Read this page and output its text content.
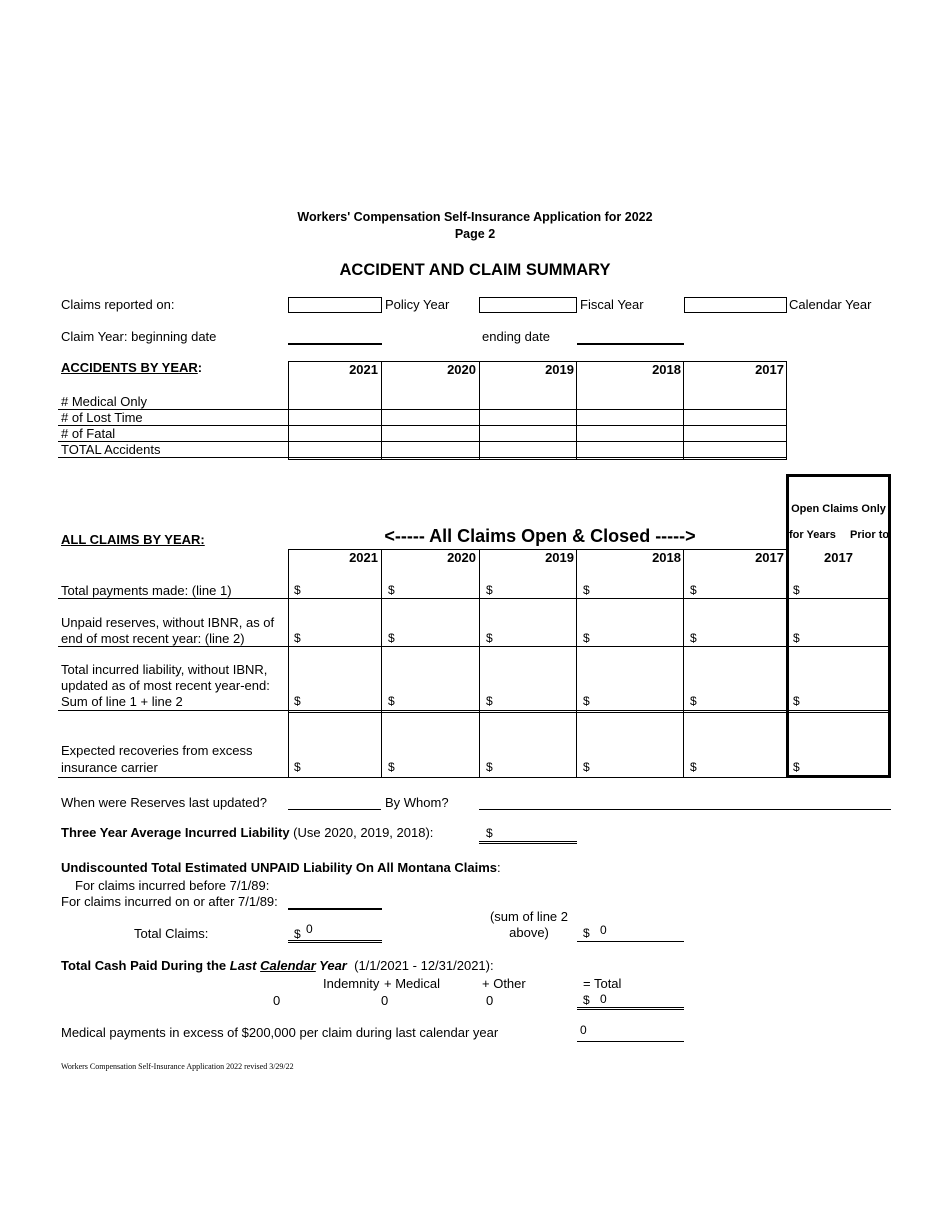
Workers' Compensation Self-Insurance Application for 2022
Page 2
ACCIDENT AND CLAIM SUMMARY
Claims reported on:	Policy Year	Fiscal Year	Calendar Year
Claim Year: beginning date	ending date
ACCIDENTS BY YEAR:	2021	2020	2019	2018	2017
# Medical Only
# of Lost Time
# of Fatal
TOTAL Accidents
ALL CLAIMS BY YEAR:	<----- All Claims Open & Closed ----->
Open Claims Only
for Years Prior to
2017
2021	2020	2019	2018	2017
Total payments made: (line 1)	$	$	$	$	$	$
Unpaid reserves, without IBNR, as of
end of most recent year: (line 2)	$	$	$	$	$	$
Total incurred liability, without IBNR,
updated as of most recent year-end:
Sum of line 1 + line 2	$	$	$	$	$	$
Expected recoveries from excess
insurance carrier	$	$	$	$	$	$
When were Reserves last updated?	By Whom?
Three Year Average Incurred Liability (Use 2020, 2019, 2018):	$
Undiscounted Total Estimated UNPAID Liability On All Montana Claims:
For claims incurred before 7/1/89:
For claims incurred on or after 7/1/89:
Total Claims:	$ 0
(sum of line 2
above)	$ 0
Total Cash Paid During the Last Calendar Year (1/1/2021 - 12/31/2021):
Indemnity + Medical	+ Other	= Total
0	0	0	$ 0
Medical payments in excess of $200,000 per claim during last calendar year	0
Workers Compensation Self-Insurance Application 2022 revised 3/29/22
